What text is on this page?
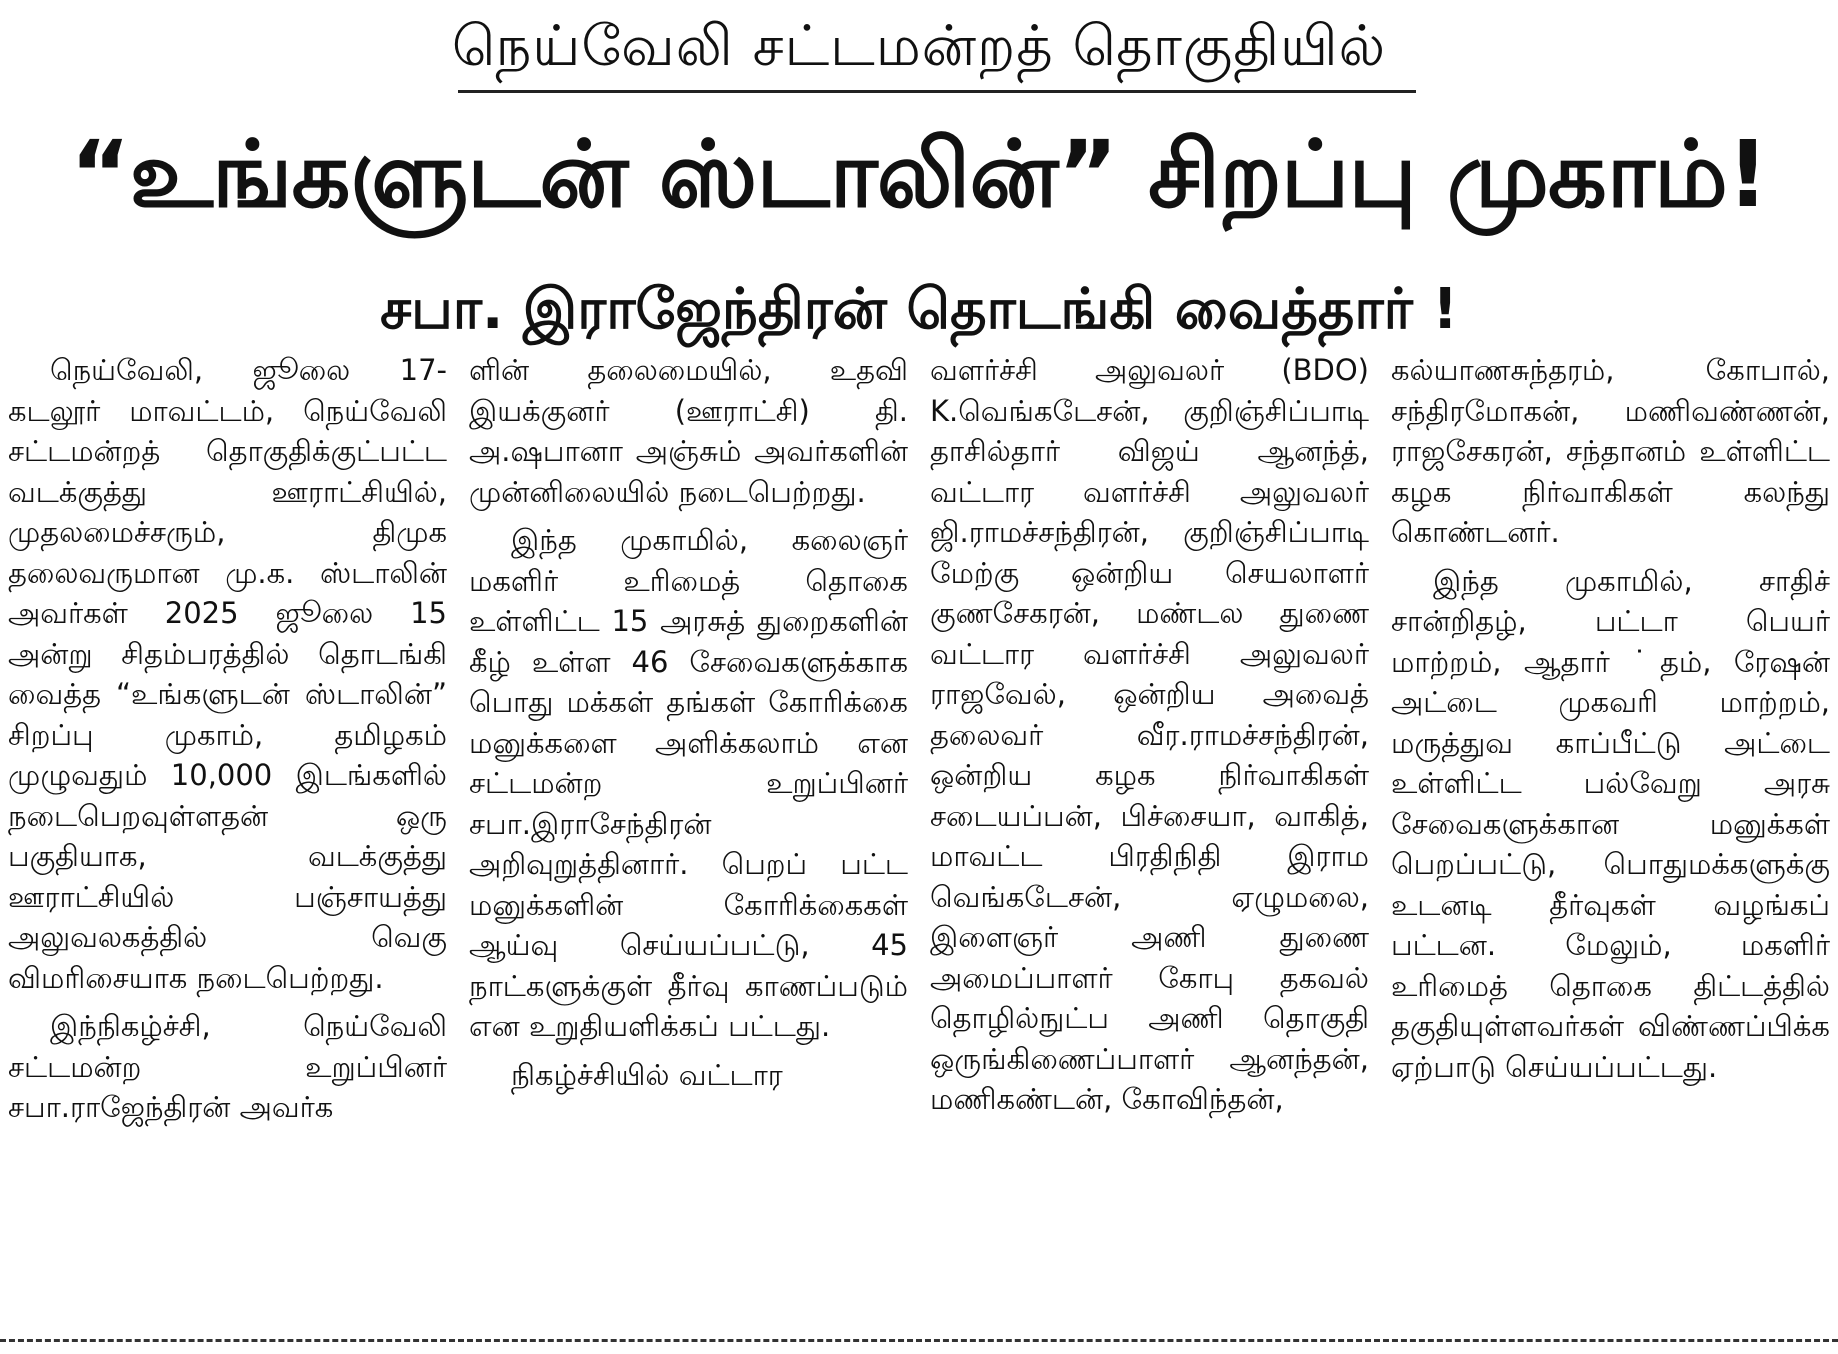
நெய்வேலி சட்டமன்றத் தொகுதியில்
“உங்களுடன் ஸ்டாலின்” சிறப்பு முகாம்!
சபா. இராஜேந்திரன் தொடங்கி வைத்தார் !

நெய்வேலி, ஜூலை 17- கடலூர் மாவட்டம், நெய்வேலி சட்டமன்றத் தொகுதிக்குட்பட்ட வடக்குத்து ஊராட்சியில், முதலமைச்சரும், திமுக தலைவருமான மு.க. ஸ்டாலின் அவர்கள் 2025 ஜூலை 15 அன்று சிதம்பரத்தில் தொடங்கி வைத்த “உங்களுடன் ஸ்டாலின்” சிறப்பு முகாம், தமிழகம் முழுவதும் 10,000 இடங்களில் நடைபெறவுள்ளதன் ஒரு பகுதியாக, வடக்குத்து ஊராட்சியில் பஞ்சாயத்து அலுவலகத்தில் வெகு விமரிசையாக நடைபெற்றது.

இந்நிகழ்ச்சி, நெய்வேலி சட்டமன்ற உறுப்பினர் சபா.ராஜேந்திரன் அவர்க

ளின் தலைமையில், உதவி இயக்குனர் (ஊராட்சி) தி. அ.ஷபானா அஞ்சும் அவர்களின் முன்னிலையில் நடைபெற்றது.

இந்த முகாமில், கலைஞர் மகளிர் உரிமைத் தொகை உள்ளிட்ட 15 அரசுத் துறைகளின் கீழ் உள்ள 46 சேவைகளுக்காக பொது மக்கள் தங்கள் கோரிக்கை மனுக்களை அளிக்கலாம் என சட்டமன்ற உறுப்பினர் சபா.இராசேந்திரன் அறிவுறுத்தினார். பெறப் பட்ட மனுக்களின் கோரிக்கைகள் ஆய்வு செய்யப்பட்டு, 45 நாட்களுக்குள் தீர்வு காணப்படும் என உறுதியளிக்கப் பட்டது.

நிகழ்ச்சியில் வட்டார

வளர்ச்சி அலுவலர் (BDO) K.வெங்கடேசன், குறிஞ்சிப்பாடி தாசில்தார் விஜய் ஆனந்த், வட்டார வளர்ச்சி அலுவலர் ஜி.ராமச்சந்திரன், குறிஞ்சிப்பாடி மேற்கு ஒன்றிய செயலாளர் குணசேகரன், மண்டல துணை வட்டார வளர்ச்சி அலுவலர் ராஜவேல், ஒன்றிய அவைத் தலைவர் வீர.ராமச்சந்திரன், ஒன்றிய கழக நிர்வாகிகள் சடையப்பன், பிச்சையா, வாகித், மாவட்ட பிரதிநிதி இராம வெங்கடேசன், ஏழுமலை, இளைஞர் அணி துணை அமைப்பாளர் கோபு தகவல் தொழில்நுட்ப அணி தொகுதி ஒருங்கிணைப்பாளர் ஆனந்தன், மணிகண்டன், கோவிந்தன்,

கல்யாணசுந்தரம், கோபால், சந்திரமோகன், மணிவண்ணன், ராஜசேகரன், சந்தானம் உள்ளிட்ட கழக நிர்வாகிகள் கலந்து கொண்டனர்.

இந்த முகாமில், சாதிச் சான்றிதழ், பட்டா பெயர் மாற்றம், ஆதார் ˙தம், ரேஷன் அட்டை முகவரி மாற்றம், மருத்துவ காப்பீட்டு அட்டை உள்ளிட்ட பல்வேறு அரசு சேவைகளுக்கான மனுக்கள் பெறப்பட்டு, பொதுமக்களுக்கு உடனடி தீர்வுகள் வழங்கப் பட்டன. மேலும், மகளிர் உரிமைத் தொகை திட்டத்தில் தகுதியுள்ளவர்கள் விண்ணப்பிக்க ஏற்பாடு செய்யப்பட்டது.
